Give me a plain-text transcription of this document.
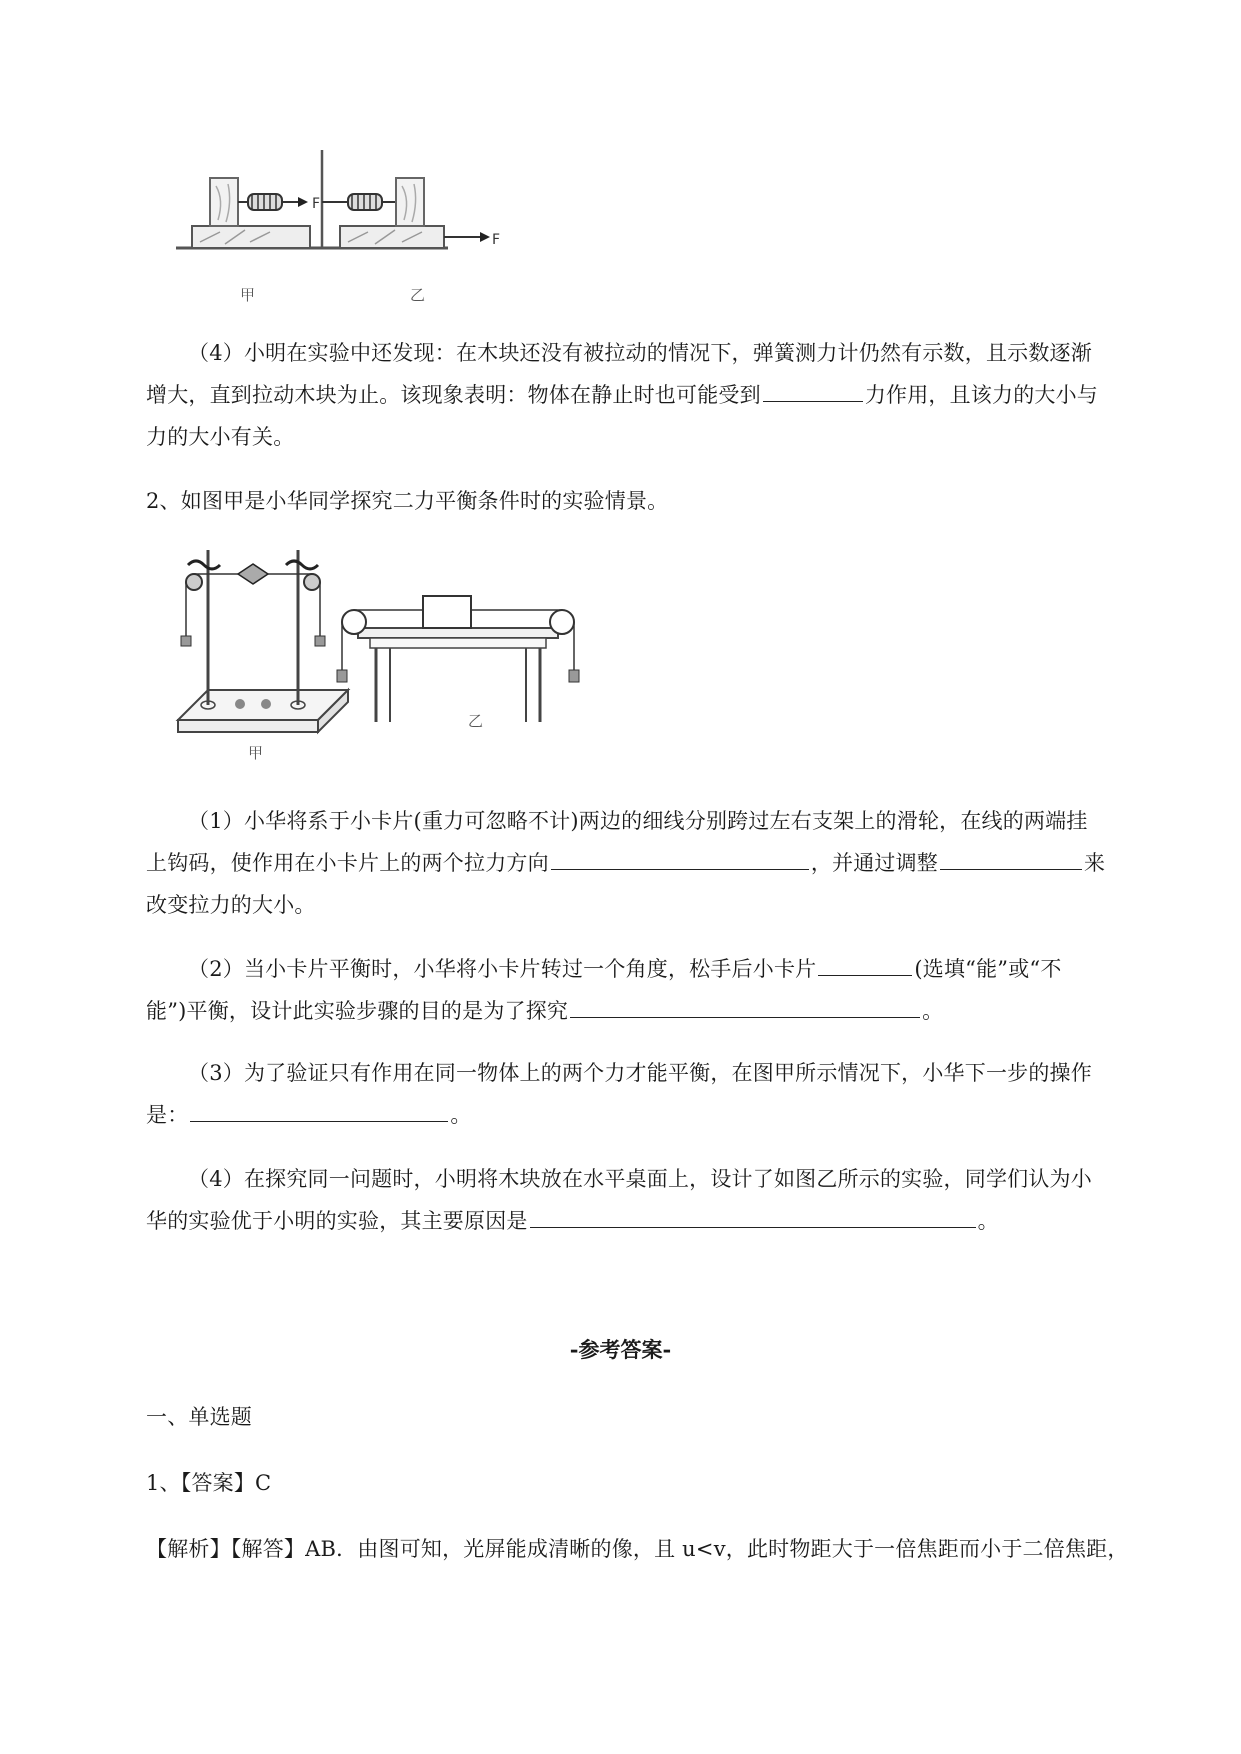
F
F
甲	乙
（4）小明在实验中还发现：在木块还没有被拉动的情况下，弹簧测力计仍然有示数，且示数逐渐
增大，直到拉动木块为止。该现象表明：物体在静止时也可能受到	力作用，且该力的大小与
力的大小有关。
2、如图甲是小华同学探究二力平衡条件时的实验情景。
乙
甲
（1）小华将系于小卡片(重力可忽略不计)两边的细线分别跨过左右支架上的滑轮，在线的两端挂
上钩码，使作用在小卡片上的两个拉力方向	，并通过调整	来
改变拉力的大小。
（2）当小卡片平衡时，小华将小卡片转过一个角度，松手后小卡片	(选填“能”或“不
能”)平衡，设计此实验步骤的目的是为了探究	。
（3）为了验证只有作用在同一物体上的两个力才能平衡，在图甲所示情况下，小华下一步的操作
是：	。
（4）在探究同一问题时，小明将木块放在水平桌面上，设计了如图乙所示的实验，同学们认为小
华的实验优于小明的实验，其主要原因是	。
-参考答案-
一、单选题
1、【答案】C
【解析】【解答】AB．由图可知，光屏能成清晰的像，且 u<v，此时物距大于一倍焦距而小于二倍焦距，
